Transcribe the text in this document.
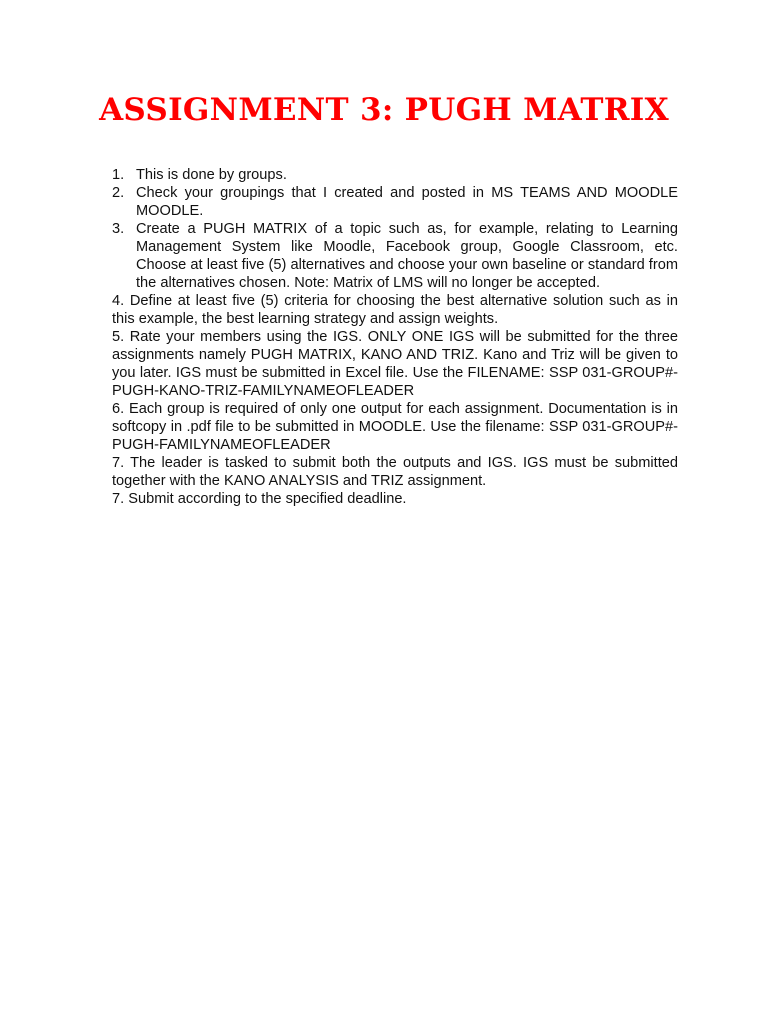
ASSIGNMENT 3: PUGH MATRIX
1. This is done by groups.
2. Check your groupings that I created and posted in MS TEAMS AND MOODLE MOODLE.
3. Create a PUGH MATRIX of a topic such as, for example, relating to Learning Management System like Moodle, Facebook group, Google Classroom, etc. Choose at least five (5) alternatives and choose your own baseline or standard from the alternatives chosen. Note: Matrix of LMS will no longer be accepted.

4. Define at least five (5) criteria for choosing the best alternative solution such as in this example, the best learning strategy and assign weights.

5. Rate your members using the IGS. ONLY ONE IGS will be submitted for the three assignments namely PUGH MATRIX, KANO AND TRIZ. Kano and Triz will be given to you later. IGS must be submitted in Excel file. Use the FILENAME: SSP 031-GROUP#-PUGH-KANO-TRIZ-FAMILYNAMEOFLEADER

6. Each group is required of only one output for each assignment. Documentation is in softcopy in .pdf file to be submitted in MOODLE. Use the filename: SSP 031-GROUP#-PUGH-FAMILYNAMEOFLEADER

7. The leader is tasked to submit both the outputs and IGS. IGS must be submitted together with the KANO ANALYSIS and TRIZ assignment.

7. Submit according to the specified deadline.
